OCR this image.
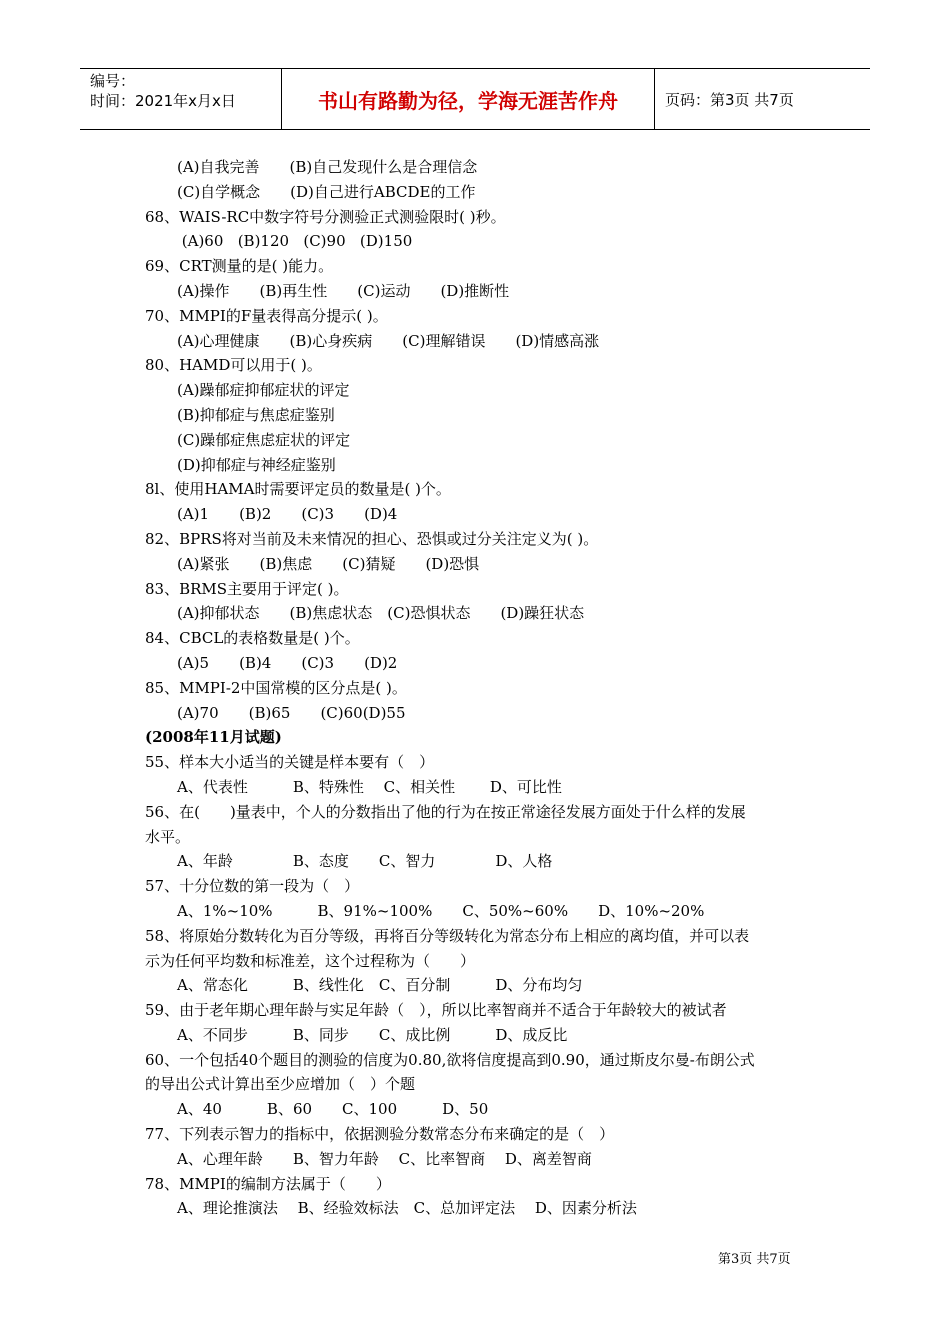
编号：
时间：2021年x月x日	书山有路勤为径，学海无涯苦作舟	页码：第3页 共7页
(A)自我完善　　(B)自己发现什么是合理信念
(C)自学概念　　(D)自己进行ABCDE的工作
68、WAIS-RC中数字符号分测验正式测验限时( )秒。
(A)60   (B)120   (C)90   (D)150
69、CRT测量的是( )能力。
(A)操作　　(B)再生性　　(C)运动　　(D)推断性
70、MMPI的F量表得高分提示( )。
(A)心理健康　　(B)心身疾病　　(C)理解错误　　(D)情感高涨
80、HAMD可以用于( )。
(A)躁郁症抑郁症状的评定
(B)抑郁症与焦虑症鉴别
(C)躁郁症焦虑症状的评定
(D)抑郁症与神经症鉴别
8l、使用HAMA时需要评定员的数量是( )个。
(A)1　　(B)2　　(C)3　　(D)4
82、BPRS将对当前及未来情况的担心、恐惧或过分关注定义为( )。
(A)紧张　　(B)焦虑　　(C)猜疑　　(D)恐惧
83、BRMS主要用于评定( )。
(A)抑郁状态　　(B)焦虑状态　(C)恐惧状态　　(D)躁狂状态
84、CBCL的表格数量是( )个。
(A)5　　(B)4　　(C)3　　(D)2
85、MMPI-2中国常模的区分点是( )。
(A)70　　(B)65　　(C)60(D)55
(2008年11月试题)
55、样本大小适当的关键是样本要有（　）
A、代表性　　　B、特殊性　 C、相关性　　 D、可比性
56、在(　　)量表中，个人的分数指出了他的行为在按正常途径发展方面处于什么样的发展
水平。
A、年龄　　　　B、态度　　C、智力　　　　D、人格
57、十分位数的第一段为（　）
A、1%~10%　　　B、91%~100%　　C、50%~60%　　D、10%~20%
58、将原始分数转化为百分等级，再将百分等级转化为常态分布上相应的离均值，并可以表
示为任何平均数和标准差，这个过程称为（　　）
A、常态化　　　B、线性化　C、百分制　　　D、分布均匀
59、由于老年期心理年龄与实足年龄（　），所以比率智商并不适合于年龄较大的被试者
A、不同步　　　B、同步　　C、成比例　　　D、成反比
60、一个包括40个题目的测验的信度为0.80,欲将信度提高到0.90，通过斯皮尔曼-布朗公式
的导出公式计算出至少应增加（　）个题
A、40　　　B、60　　C、100　　　D、50
77、下列表示智力的指标中，依据测验分数常态分布来确定的是（　）
A、心理年龄　　B、智力年龄　 C、比率智商　 D、离差智商
78、MMPI的编制方法属于（　　）
A、理论推演法　 B、经验效标法　C、总加评定法　 D、因素分析法
第3页 共7页
